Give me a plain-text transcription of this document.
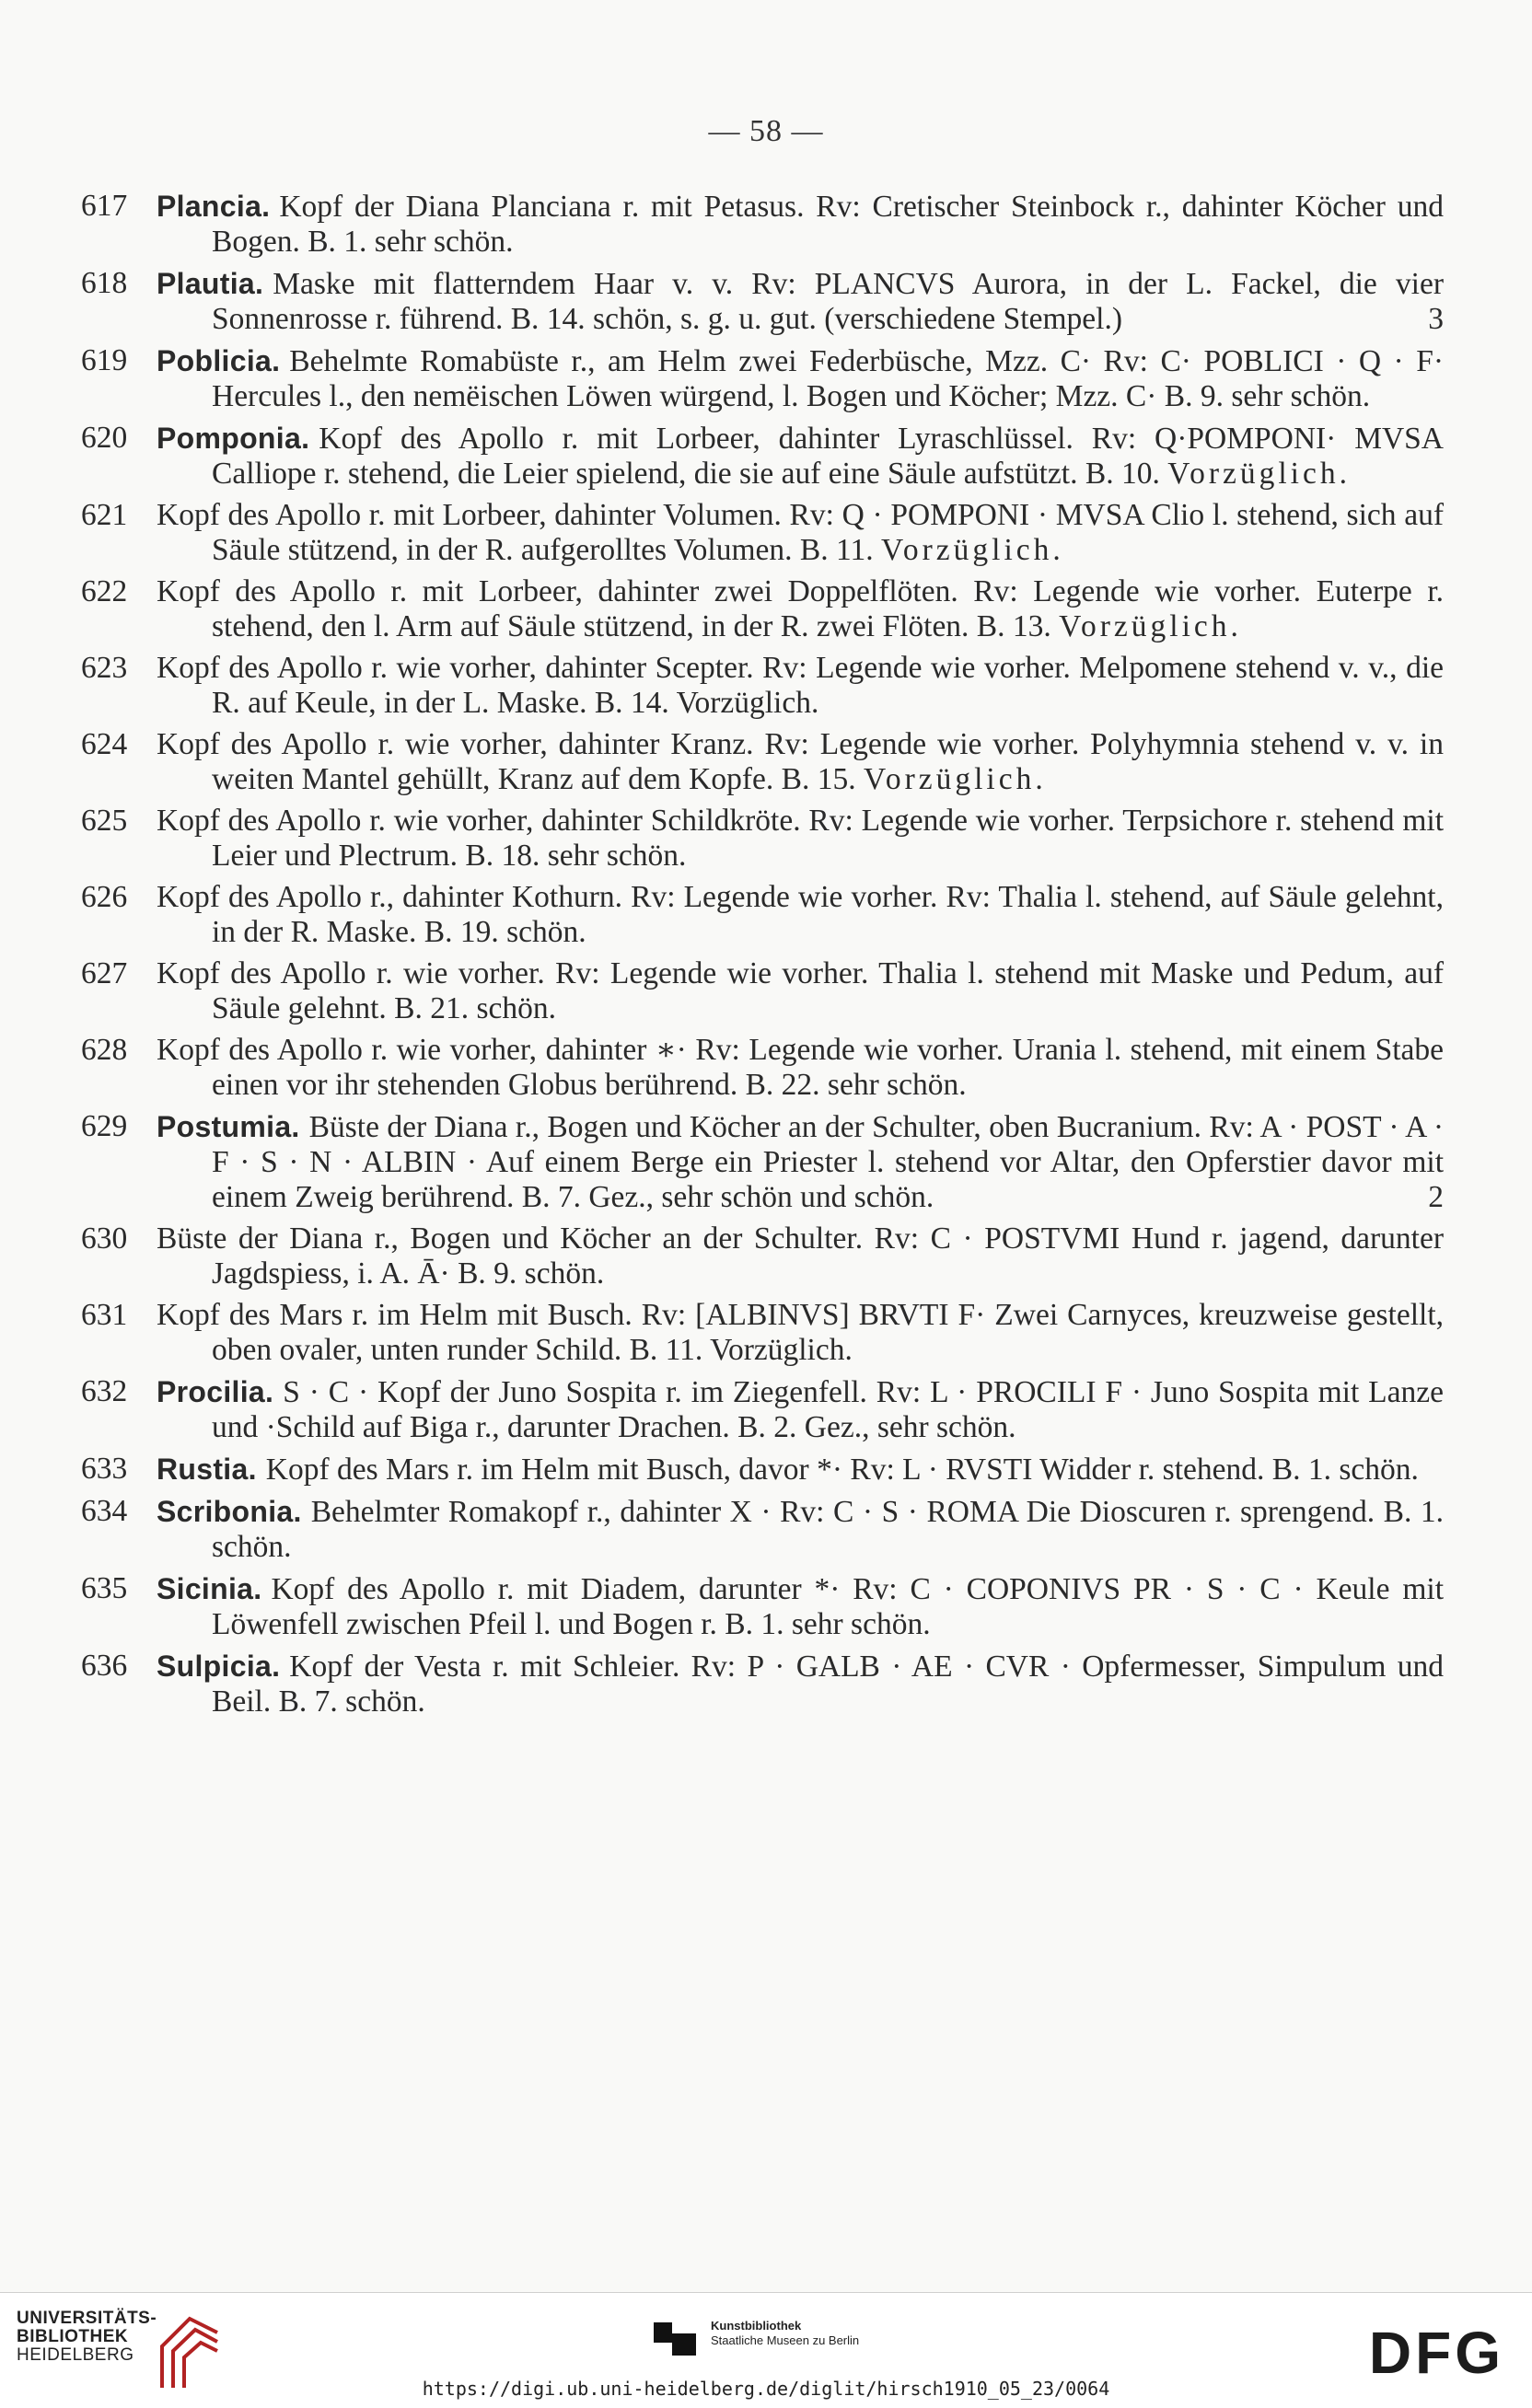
— 58 —
617 Plancia. Kopf der Diana Planciana r. mit Petasus. Rv: Cretischer Steinbock r., dahinter Köcher und Bogen. B. 1. sehr schön.
618 Plautia. Maske mit flatterndem Haar v. v. Rv: PLANCVS Aurora, in der L. Fackel, die vier Sonnenrosse r. führend. B. 14. schön, s. g. u. gut. (verschiedene Stempel.)	3
619 Poblicia. Behelmte Romabüste r., am Helm zwei Federbüsche, Mzz. C· Rv: C· POBLICI · Q · F· Hercules l., den nemëischen Löwen würgend, l. Bogen und Köcher; Mzz. C· B. 9. sehr schön.
620 Pomponia. Kopf des Apollo r. mit Lorbeer, dahinter Lyraschlüssel. Rv: Q·POMPONI· MVSA Calliope r. stehend, die Leier spielend, die sie auf eine Säule aufstützt. B. 10. Vorzüglich.
621 Kopf des Apollo r. mit Lorbeer, dahinter Volumen. Rv: Q · POMPONI · MVSA Clio l. stehend, sich auf Säule stützend, in der R. aufgerolltes Volumen. B. 11. Vorzüglich.
622 Kopf des Apollo r. mit Lorbeer, dahinter zwei Doppelflöten. Rv: Legende wie vorher. Euterpe r. stehend, den l. Arm auf Säule stützend, in der R. zwei Flöten. B. 13. Vorzüglich.
623 Kopf des Apollo r. wie vorher, dahinter Scepter. Rv: Legende wie vorher. Melpomene stehend v. v., die R. auf Keule, in der L. Maske. B. 14. Vorzüglich.
624 Kopf des Apollo r. wie vorher, dahinter Kranz. Rv: Legende wie vorher. Polyhymnia stehend v. v. in weiten Mantel gehüllt, Kranz auf dem Kopfe. B. 15. Vorzüglich.
625 Kopf des Apollo r. wie vorher, dahinter Schildkröte. Rv: Legende wie vorher. Terpsichore r. stehend mit Leier und Plectrum. B. 18. sehr schön.
626 Kopf des Apollo r., dahinter Kothurn. Rv: Legende wie vorher. Rv: Thalia l. stehend, auf Säule gelehnt, in der R. Maske. B. 19. schön.
627 Kopf des Apollo r. wie vorher. Rv: Legende wie vorher. Thalia l. stehend mit Maske und Pedum, auf Säule gelehnt. B. 21. schön.
628 Kopf des Apollo r. wie vorher, dahinter ∗· Rv: Legende wie vorher. Urania l. stehend, mit einem Stabe einen vor ihr stehenden Globus berührend. B. 22. sehr schön.
629 Postumia. Büste der Diana r., Bogen und Köcher an der Schulter, oben Bucranium. Rv: A · POST · A · F · S · N · ALBIN · Auf einem Berge ein Priester l. stehend vor Altar, den Opferstier davor mit einem Zweig berührend. B. 7. Gez., sehr schön und schön.	2
630 Büste der Diana r., Bogen und Köcher an der Schulter. Rv: C · POSTVMI Hund r. jagend, darunter Jagdspiess, i. A. Ā· B. 9. schön.
631 Kopf des Mars r. im Helm mit Busch. Rv: [ALBINVS] BRVTI F· Zwei Carnyces, kreuzweise gestellt, oben ovaler, unten runder Schild. B. 11. Vorzüglich.
632 Procilia. S · C · Kopf der Juno Sospita r. im Ziegenfell. Rv: L · PROCILI F · Juno Sospita mit Lanze und ·Schild auf Biga r., darunter Drachen. B. 2. Gez., sehr schön.
633 Rustia. Kopf des Mars r. im Helm mit Busch, davor *· Rv: L · RVSTI Widder r. stehend. B. 1. schön.
634 Scribonia. Behelmter Romakopf r., dahinter X · Rv: C · S · ROMA Die Dioscuren r. sprengend. B. 1. schön.
635 Sicinia. Kopf des Apollo r. mit Diadem, darunter *· Rv: C · COPONIVS PR · S · C · Keule mit Löwenfell zwischen Pfeil l. und Bogen r. B. 1. sehr schön.
636 Sulpicia. Kopf der Vesta r. mit Schleier. Rv: P · GALB · AE · CVR · Opfermesser, Simpulum und Beil. B. 7. schön.
UNIVERSITÄTS-
BIBLIOTHEK
HEIDELBERG
Kunstbibliothek
Staatliche Museen zu Berlin	DFG
https://digi.ub.uni-heidelberg.de/diglit/hirsch1910_05_23/0064
